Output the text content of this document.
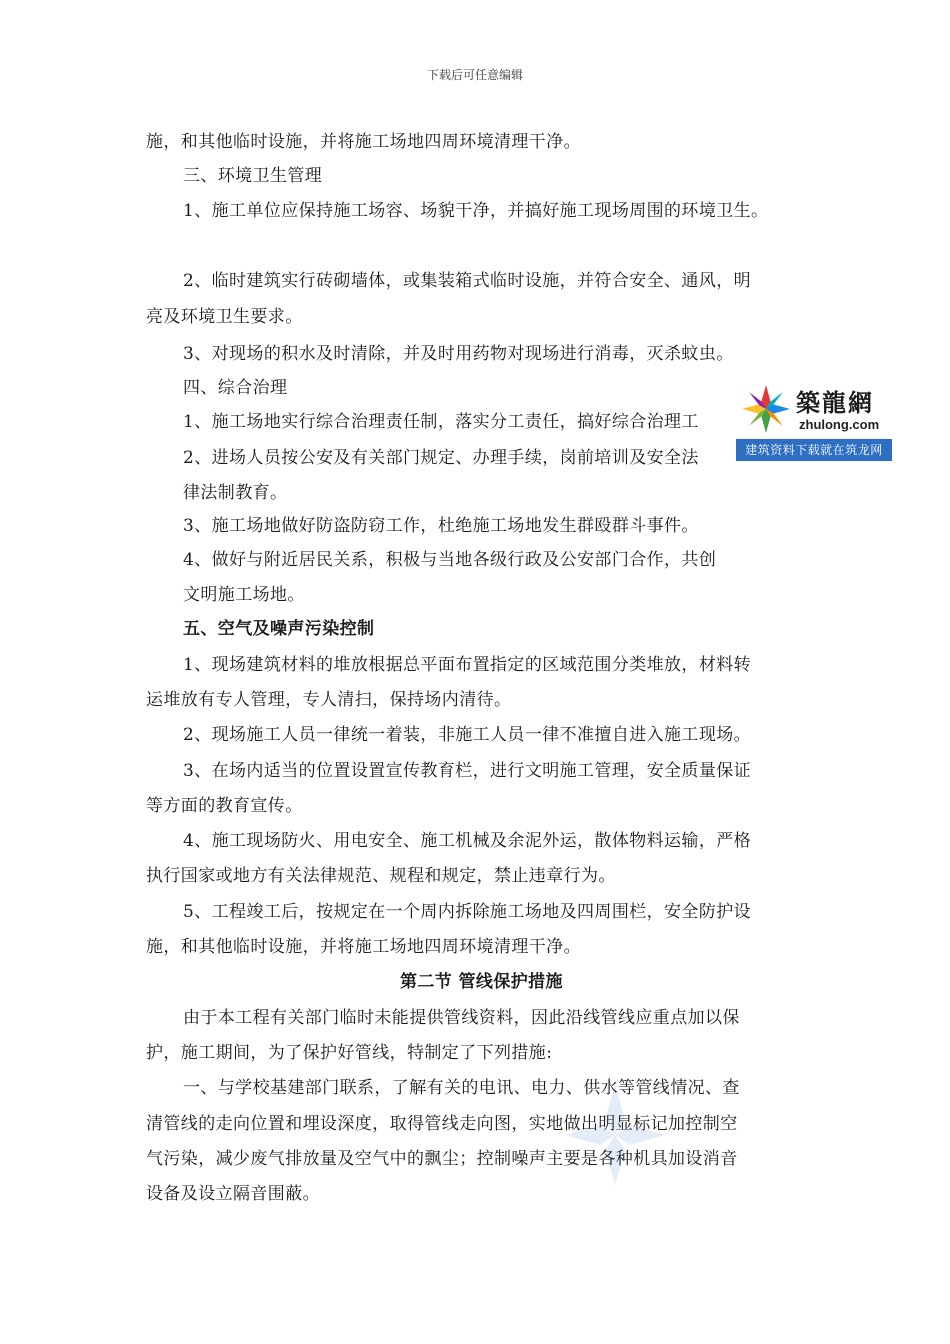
下载后可任意编辑
施，和其他临时设施，并将施工场地四周环境清理干净。
三、环境卫生管理
1、施工单位应保持施工场容、场貌干净，并搞好施工现场周围的环境卫生。
2、临时建筑实行砖砌墙体，或集装箱式临时设施，并符合安全、通风，明
亮及环境卫生要求。
3、对现场的积水及时清除，并及时用药物对现场进行消毒，灭杀蚊虫。
四、综合治理
1、施工场地实行综合治理责任制，落实分工责任，搞好综合治理工
2、进场人员按公安及有关部门规定、办理手续，岗前培训及安全法
律法制教育。
3、施工场地做好防盗防窃工作，杜绝施工场地发生群殴群斗事件。
4、做好与附近居民关系，积极与当地各级行政及公安部门合作，共创
文明施工场地。
五、空气及噪声污染控制
1、现场建筑材料的堆放根据总平面布置指定的区域范围分类堆放，材料转
运堆放有专人管理，专人清扫，保持场内清待。
2、现场施工人员一律统一着装，非施工人员一律不准擅自进入施工现场。
3、在场内适当的位置设置宣传教育栏，进行文明施工管理，安全质量保证
等方面的教育宣传。
4、施工现场防火、用电安全、施工机械及余泥外运，散体物料运输，严格
执行国家或地方有关法律规范、规程和规定，禁止违章行为。
5、工程竣工后，按规定在一个周内拆除施工场地及四周围栏，安全防护设
施，和其他临时设施，并将施工场地四周环境清理干净。
第二节 管线保护措施
由于本工程有关部门临时未能提供管线资料，因此沿线管线应重点加以保
护，施工期间，为了保护好管线，特制定了下列措施:
一、与学校基建部门联系，了解有关的电讯、电力、供水等管线情况、查
清管线的走向位置和埋设深度，取得管线走向图，实地做出明显标记加控制空
气污染，减少废气排放量及空气中的飘尘；控制噪声主要是各种机具加设消音
设备及设立隔音围蔽。
築龍網
zhulong.com
建筑资料下载就在筑龙网
